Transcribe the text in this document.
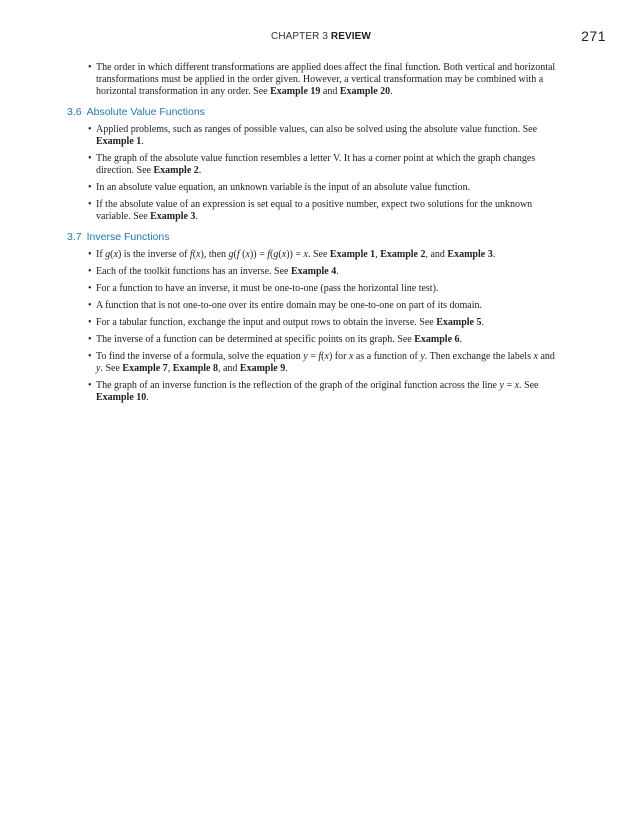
CHAPTER 3 REVIEW	271
• The order in which different transformations are applied does affect the final function. Both vertical and horizontal transformations must be applied in the order given. However, a vertical transformation may be combined with a horizontal transformation in any order. See Example 19 and Example 20.
3.6 Absolute Value Functions
• Applied problems, such as ranges of possible values, can also be solved using the absolute value function. See Example 1.
• The graph of the absolute value function resembles a letter V. It has a corner point at which the graph changes direction. See Example 2.
• In an absolute value equation, an unknown variable is the input of an absolute value function.
• If the absolute value of an expression is set equal to a positive number, expect two solutions for the unknown variable. See Example 3.
3.7 Inverse Functions
• If g(x) is the inverse of f(x), then g(f (x)) = f(g(x)) = x. See Example 1, Example 2, and Example 3.
• Each of the toolkit functions has an inverse. See Example 4.
• For a function to have an inverse, it must be one-to-one (pass the horizontal line test).
• A function that is not one-to-one over its entire domain may be one-to-one on part of its domain.
• For a tabular function, exchange the input and output rows to obtain the inverse. See Example 5.
• The inverse of a function can be determined at specific points on its graph. See Example 6.
• To find the inverse of a formula, solve the equation y = f(x) for x as a function of y. Then exchange the labels x and y. See Example 7, Example 8, and Example 9.
• The graph of an inverse function is the reflection of the graph of the original function across the line y = x. See Example 10.
